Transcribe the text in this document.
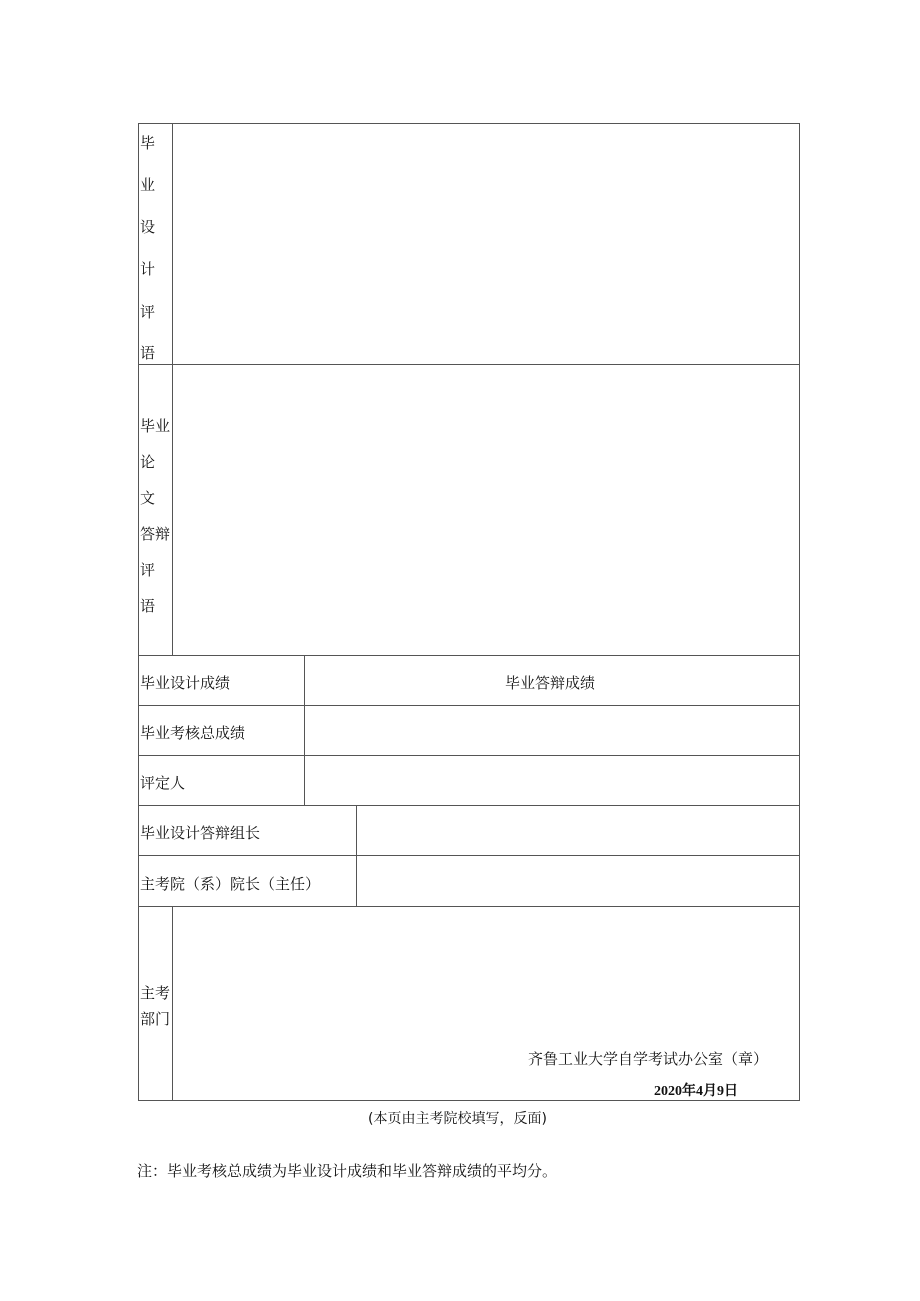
毕
业
设
计
评
语
毕业
论
文
答辩
评
语
毕业设计成绩	毕业答辩成绩
毕业考核总成绩
评定人
毕业设计答辩组长
主考院（系）院长（主任）
主考
部门
齐鲁工业大学自学考试办公室（章）
2020年4月9日
(本页由主考院校填写，反面)
注：毕业考核总成绩为毕业设计成绩和毕业答辩成绩的平均分。
